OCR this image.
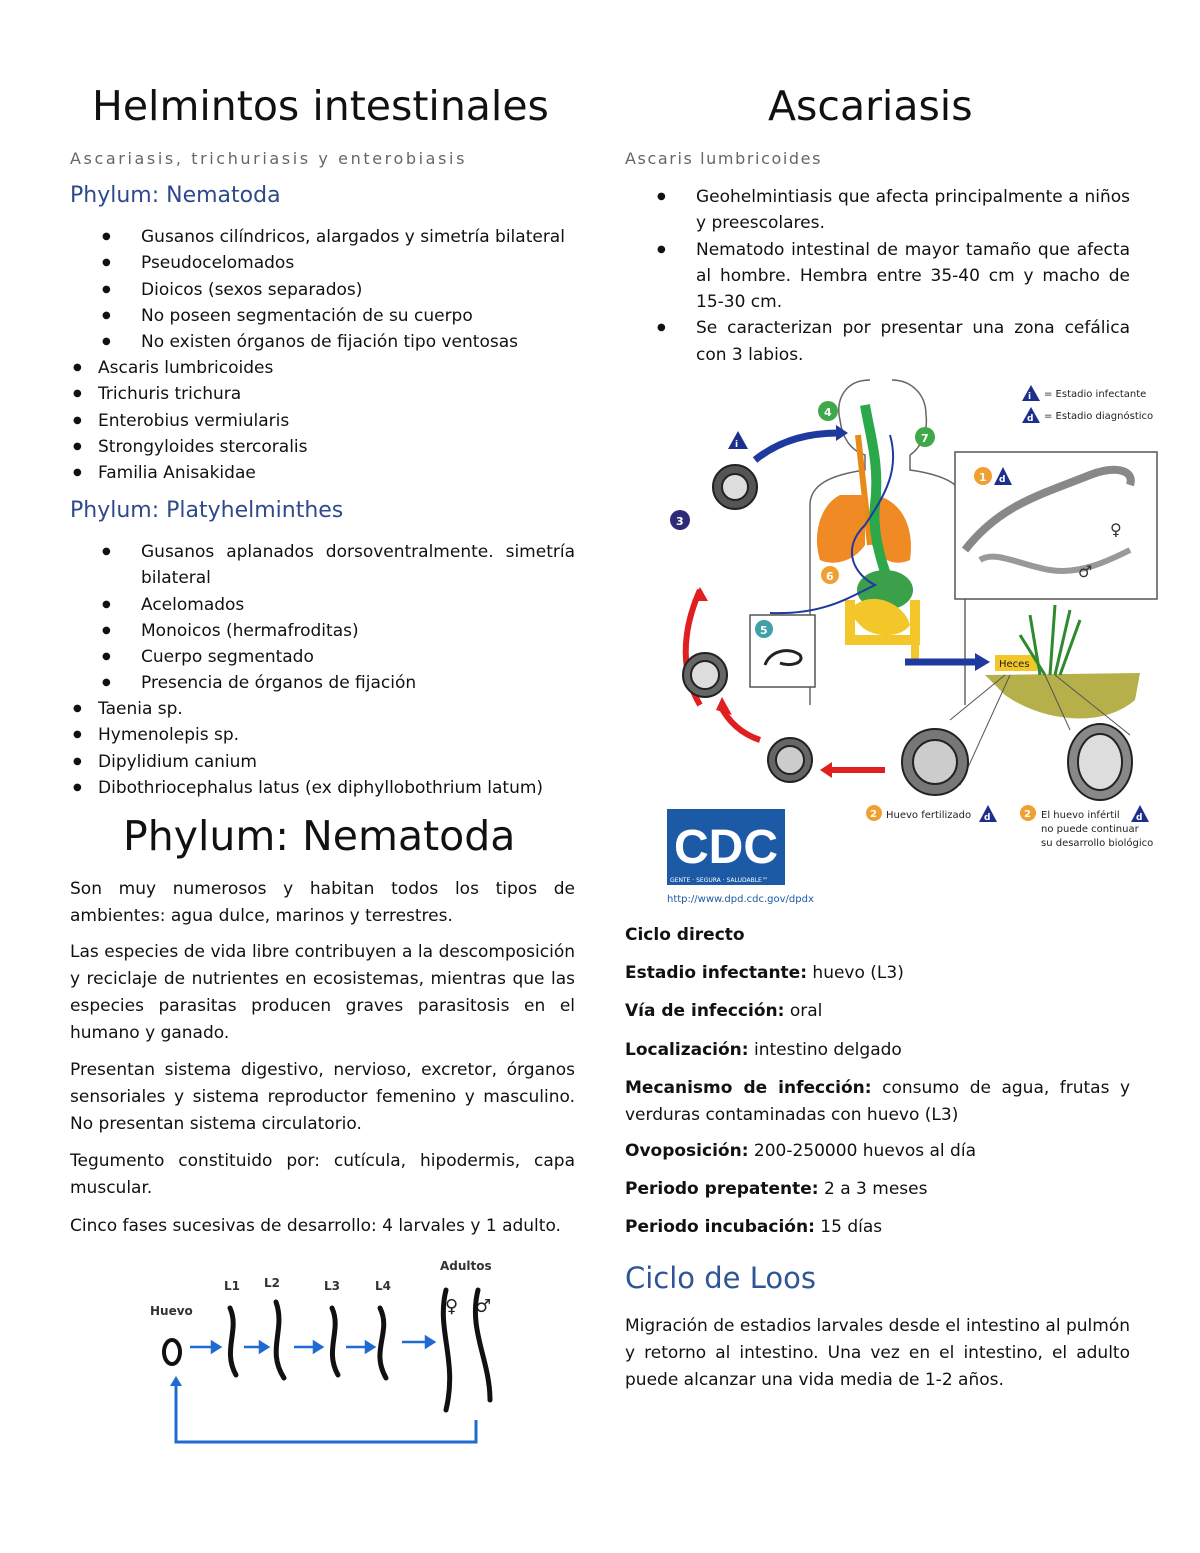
Helmintos intestinales
Ascariasis, trichuriasis y enterobiasis
Phylum: Nematoda
● Gusanos cilíndricos, alargados y simetría bilateral
● Pseudocelomados
● Dioicos (sexos separados)
● No poseen segmentación de su cuerpo
● No existen órganos de fijación tipo ventosas
● Ascaris lumbricoides
● Trichuris trichura
● Enterobius vermiularis
● Strongyloides stercoralis
● Familia Anisakidae
Phylum: Platyhelminthes
● Gusanos aplanados dorsoventralmente. simetría bilateral
● Acelomados
● Monoicos (hermafroditas)
● Cuerpo segmentado
● Presencia de órganos de fijación
● Taenia sp.
● Hymenolepis sp.
● Dipylidium canium
● Dibothriocephalus latus (ex diphyllobothrium latum)
Phylum: Nematoda
Son muy numerosos y habitan todos los tipos de ambientes: agua dulce, marinos y terrestres.
Las especies de vida libre contribuyen a la descomposición y reciclaje de nutrientes en ecosistemas, mientras que las especies parasitas producen graves parasitosis en el humano y ganado.
Presentan sistema digestivo, nervioso, excretor, órganos sensoriales y sistema reproductor femenino y masculino. No presentan sistema circulatorio.
Tegumento constituido por: cutícula, hipodermis, capa muscular.
Cinco fases sucesivas de desarrollo: 4 larvales y 1 adulto.
Huevo
L1 L2	L3	L4
Adultos
♀ ♂
Ascariasis
Ascaris lumbricoides
● Geohelmintiasis que afecta principalmente a niños y preescolares.
● Nematodo intestinal de mayor tamaño que afecta al hombre. Hembra entre 35-40 cm y macho de 15-30 cm.
● Se caracterizan por presentar una zona cefálica con 3 labios.
i = Estadio infectante
d = Estadio diagnóstico
4
7
6
3
i
5
1 d
♀
♂
Heces
2 Huevo fertilizado d	2 El huevo infértil
no puede continuar
su desarrollo biológico
d
CDC
GENTE · SEGURA · SALUDABLE™
http://www.dpd.cdc.gov/dpdx
Ciclo directo
Estadio infectante: huevo (L3)
Vía de infección: oral
Localización: intestino delgado
Mecanismo de infección: consumo de agua, frutas y verduras contaminadas con huevo (L3)
Ovoposición: 200-250000 huevos al día
Periodo prepatente: 2 a 3 meses
Periodo incubación: 15 días
Ciclo de Loos
Migración de estadios larvales desde el intestino al pulmón y retorno al intestino. Una vez en el intestino, el adulto puede alcanzar una vida media de 1-2 años.
